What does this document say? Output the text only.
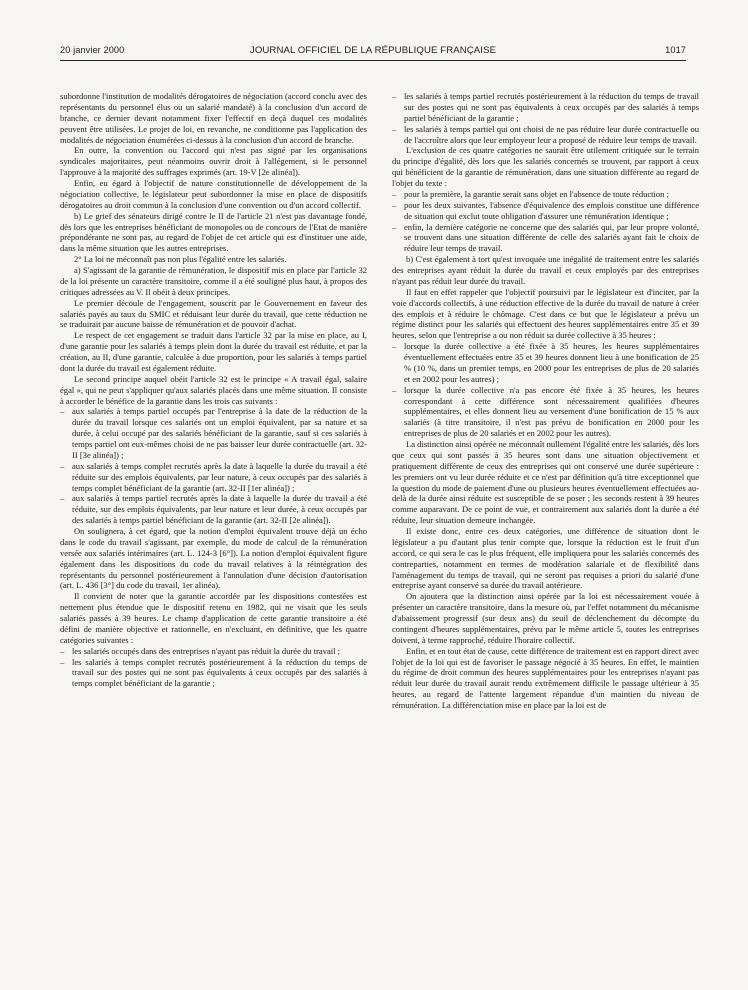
20 janvier 2000	JOURNAL OFFICIEL DE LA RÉPUBLIQUE FRANÇAISE	1017

subordonne l'institution de modalités dérogatoires de négociation (accord conclu avec des représentants du personnel élus ou un salarié mandaté) à la conclusion d'un accord de branche, ce dernier devant notamment fixer l'effectif en deçà duquel ces modalités peuvent être utilisées. Le projet de loi, en revanche, ne conditionne pas l'application des modalités de négociation énumérées ci-dessus à la conclusion d'un accord de branche.

En outre, la convention ou l'accord qui n'est pas signé par les organisations syndicales majoritaires, peut néanmoins ouvrir droit à l'allégement, si le personnel l'approuve à la majorité des suffrages exprimés (art. 19-V [2e alinéa]).

Enfin, eu égard à l'objectif de nature constitutionnelle de développement de la négociation collective, le législateur peut subordonner la mise en place de dispositifs dérogatoires au droit commun à la conclusion d'une convention ou d'un accord collectif.

b) Le grief des sénateurs dirigé contre le II de l'article 21 n'est pas davantage fondé, dès lors que les entreprises bénéficiant de monopoles ou de concours de l'Etat de manière prépondérante ne sont pas, au regard de l'objet de cet article qui est d'instituer une aide, dans la même situation que les autres entreprises.

2° La loi ne méconnaît pas non plus l'égalité entre les salariés.

a) S'agissant de la garantie de rémunération, le dispositif mis en place par l'article 32 de la loi présente un caractère transitoire, comme il a été souligné plus haut, à propos des critiques adressées au V. Il obéit à deux principes.

Le premier découle de l'engagement, souscrit par le Gouvernement en faveur des salariés payés au taux du SMIC et réduisant leur durée du travail, que cette réduction ne se traduirait par aucune baisse de rémunération et de pouvoir d'achat.

Le respect de cet engagement se traduit dans l'article 32 par la mise en place, au I, d'une garantie pour les salariés à temps plein dont la durée du travail est réduite, et par la création, au II, d'une garantie, calculée à due proportion, pour les salariés à temps partiel dont la durée du travail est également réduite.

Le second principe auquel obéit l'article 32 est le principe « A travail égal, salaire égal », qui ne peut s'appliquer qu'aux salariés placés dans une même situation. Il consiste à accorder le bénéfice de la garantie dans les trois cas suivants :

– aux salariés à temps partiel occupés par l'entreprise à la date de la réduction de la durée du travail lorsque ces salariés ont un emploi équivalent, par sa nature et sa durée, à celui occupé par des salariés bénéficiant de la garantie, sauf si ces salariés à temps partiel ont eux-mêmes choisi de ne pas baisser leur durée contractuelle (art. 32-II [3e alinéa]) ;
– aux salariés à temps complet recrutés après la date à laquelle la durée du travail a été réduite sur des emplois équivalents, par leur nature, à ceux occupés par des salariés à temps complet bénéficiant de la garantie (art. 32-II [1er alinéa]) ;
– aux salariés à temps partiel recrutés après la date à laquelle la durée du travail a été réduite, sur des emplois équivalents, par leur nature et leur durée, à ceux occupés par des salariés à temps partiel bénéficiant de la garantie (art. 32-II [2e alinéa]).

On soulignera, à cet égard, que la notion d'emploi équivalent trouve déjà un écho dans le code du travail s'agissant, par exemple, du mode de calcul de la rémunération versée aux salariés intérimaires (art. L. 124-3 [6°]). La notion d'emploi équivalent figure également dans les dispositions du code du travail relatives à la réintégration des représentants du personnel postérieurement à l'annulation d'une décision d'autorisation (art. L. 436 [3°] du code du travail, 1er alinéa).

Il convient de noter que la garantie accordée par les dispositions contestées est nettement plus étendue que le dispositif retenu en 1982, qui ne visait que les seuls salariés passés à 39 heures. Le champ d'application de cette garantie transitoire a été défini de manière objective et rationnelle, en n'excluant, en définitive, que les quatre catégories suivantes :

– les salariés occupés dans des entreprises n'ayant pas réduit la durée du travail ;
– les salariés à temps complet recrutés postérieurement à la réduction du temps de travail sur des postes qui ne sont pas équivalents à ceux occupés par des salariés à temps complet bénéficiant de la garantie ;
– les salariés à temps partiel recrutés postérieurement à la réduction du temps de travail sur des postes qui ne sont pas équivalents à ceux occupés par des salariés à temps partiel bénéficiant de la garantie ;
– les salariés à temps partiel qui ont choisi de ne pas réduire leur durée contractuelle ou de l'accroître alors que leur employeur leur a proposé de réduire leur temps de travail.

L'exclusion de ces quatre catégories ne saurait être utilement critiquée sur le terrain du principe d'égalité, dès lors que les salariés concernés se trouvent, par rapport à ceux qui bénéficient de la garantie de rémunération, dans une situation différente au regard de l'objet du texte :

– pour la première, la garantie serait sans objet en l'absence de toute réduction ;
– pour les deux suivantes, l'absence d'équivalence des emplois constitue une différence de situation qui exclut toute obligation d'assurer une rémunération identique ;
– enfin, la dernière catégorie ne concerne que des salariés qui, par leur propre volonté, se trouvent dans une situation différente de celle des salariés ayant fait le choix de réduire leur temps de travail.

b) C'est également à tort qu'est invoquée une inégalité de traitement entre les salariés des entreprises ayant réduit la durée du travail et ceux employés par des entreprises n'ayant pas réduit leur durée du travail.

Il faut en effet rappeler que l'objectif poursuivi par le législateur est d'inciter, par la voie d'accords collectifs, à une réduction effective de la durée du travail de nature à créer des emplois et à réduire le chômage. C'est dans ce but que le législateur a prévu un régime distinct pour les salariés qui effectuent des heures supplémentaires entre 35 et 39 heures, selon que l'entreprise a ou non réduit sa durée collective à 35 heures :

– lorsque la durée collective a été fixée à 35 heures, les heures supplémentaires éventuellement effectuées entre 35 et 39 heures donnent lieu à une bonification de 25 % (10 %, dans un premier temps, en 2000 pour les entreprises de plus de 20 salariés et en 2002 pour les autres) ;
– lorsque la durée collective n'a pas encore été fixée à 35 heures, les heures correspondant à cette différence sont nécessairement qualifiées d'heures supplémentaires, et elles donnent lieu au versement d'une bonification de 15 % aux salariés (à titre transitoire, il n'est pas prévu de bonification en 2000 pour les entreprises de plus de 20 salariés et en 2002 pour les autres).

La distinction ainsi opérée ne méconnaît nullement l'égalité entre les salariés, dès lors que ceux qui sont passés à 35 heures sont dans une situation objectivement et pratiquement différente de ceux des entreprises qui ont conservé une durée supérieure : les premiers ont vu leur durée réduite et ce n'est par définition qu'à titre exceptionnel que la question du mode de paiement d'une ou plusieurs heures éventuellement effectuées au-delà de la durée ainsi réduite est susceptible de se poser ; les seconds restent à 39 heures comme auparavant. De ce point de vue, et contrairement aux salariés dont la durée a été réduite, leur situation demeure inchangée.

Il existe donc, entre ces deux catégories, une différence de situation dont le législateur a pu d'autant plus tenir compte que, lorsque la réduction est le fruit d'un accord, ce qui sera le cas le plus fréquent, elle impliquera pour les salariés concernés des contreparties, notamment en termes de modération salariale et de flexibilité dans l'aménagement du temps de travail, qui ne seront pas requises a priori du salarié d'une entreprise ayant conservé sa durée du travail antérieure.

On ajoutera que la distinction ainsi opérée par la loi est nécessairement vouée à présenter un caractère transitoire, dans la mesure où, par l'effet notamment du mécanisme d'abaissement progressif (sur deux ans) du seuil de déclenchement du décompte du contingent d'heures supplémentaires, prévu par le même article 5, toutes les entreprises doivent, à terme rapproché, réduire l'horaire collectif.

Enfin, et en tout état de cause, cette différence de traitement est en rapport direct avec l'objet de la loi qui est de favoriser le passage négocié à 35 heures. En effet, le maintien du régime de droit commun des heures supplémentaires pour les entreprises n'ayant pas réduit leur durée du travail aurait rendu extrêmement difficile le passage ultérieur à 35 heures, au regard de l'attente largement répandue d'un maintien du niveau de rémunération. La différenciation mise en place par la loi est de
